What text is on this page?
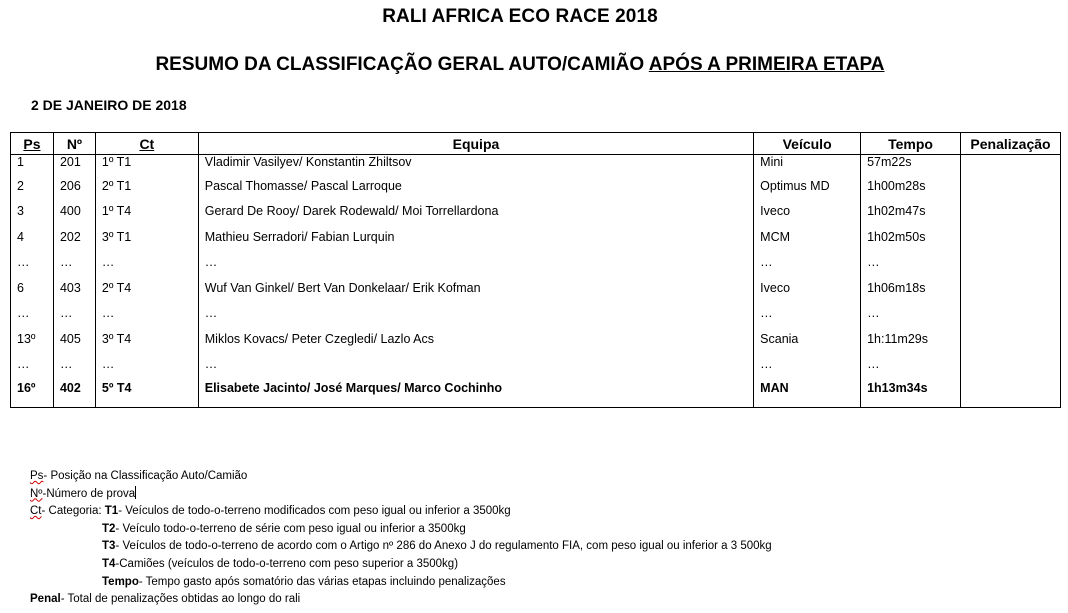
RALI AFRICA ECO RACE 2018
RESUMO DA CLASSIFICAÇÃO GERAL AUTO/CAMIÃO APÓS A PRIMEIRA ETAPA
2 DE JANEIRO DE 2018
Ps	Nº	Ct	Equipa	Veículo	Tempo	Penalização
1	201	1º T1	Vladimir Vasilyev/ Konstantin Zhiltsov	Mini	57m22s	
2	206	2º T1	Pascal Thomasse/ Pascal Larroque	Optimus MD	1h00m28s	
3	400	1º T4	Gerard De Rooy/ Darek Rodewald/ Moi Torrellardona	Iveco	1h02m47s	
4	202	3º T1	Mathieu Serradori/ Fabian Lurquin	MCM	1h02m50s	
…	…	…	…	…	…	
6	403	2º T4	Wuf Van Ginkel/ Bert Van Donkelaar/ Erik Kofman	Iveco	1h06m18s	
…	…	…	…	…	…	
13º	405	3º T4	Miklos Kovacs/ Peter Czegledi/ Lazlo Acs	Scania	1h:11m29s	
…	…	…	…	…	…	
16º	402	5º T4	Elisabete Jacinto/ José Marques/ Marco Cochinho	MAN	1h13m34s	
Ps- Posição na Classificação Auto/Camião
Nº-Número de prova
Ct- Categoria: T1- Veículos de todo-o-terreno modificados com peso igual ou inferior a 3500kg
T2- Veículo todo-o-terreno de série com peso igual ou inferior a 3500kg
T3- Veículos de todo-o-terreno de acordo com o Artigo nº 286 do Anexo J do regulamento FIA, com peso igual ou inferior a 3 500kg
T4-Camiões (veículos de todo-o-terreno com peso superior a 3500kg)
Tempo- Tempo gasto após somatório das várias etapas incluindo penalizações
Penal- Total de penalizações obtidas ao longo do rali
